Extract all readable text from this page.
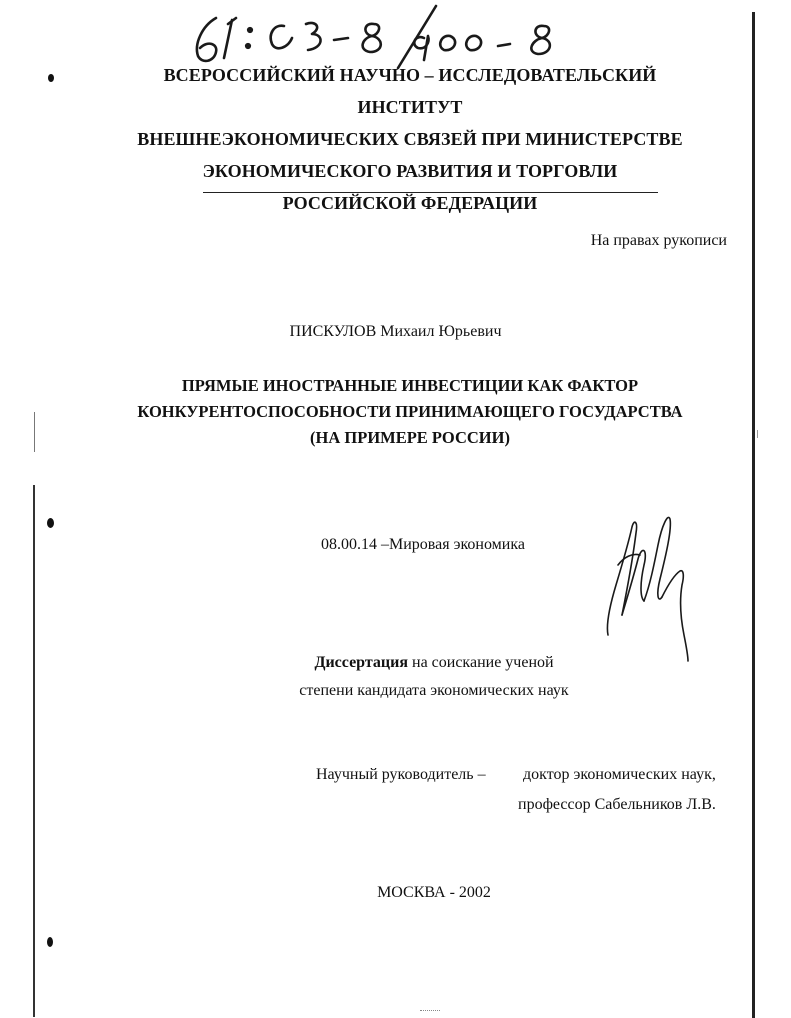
ВСЕРОССИЙСКИЙ НАУЧНО – ИССЛЕДОВАТЕЛЬСКИЙ ИНСТИТУТ
ВНЕШНЕЭКОНОМИЧЕСКИХ СВЯЗЕЙ ПРИ МИНИСТЕРСТВЕ
ЭКОНОМИЧЕСКОГО РАЗВИТИЯ И ТОРГОВЛИ
РОССИЙСКОЙ ФЕДЕРАЦИИ
На правах рукописи
ПИСКУЛОВ Михаил Юрьевич
ПРЯМЫЕ ИНОСТРАННЫЕ ИНВЕСТИЦИИ КАК ФАКТОР
КОНКУРЕНТОСПОСОБНОСТИ ПРИНИМАЮЩЕГО ГОСУДАРСТВА
(НА ПРИМЕРЕ РОССИИ)
08.00.14 –Мировая экономика
Диссертация на соискание ученой
степени кандидата экономических наук
Научный руководитель – доктор экономических наук,
профессор Сабельников Л.В.
МОСКВА - 2002
